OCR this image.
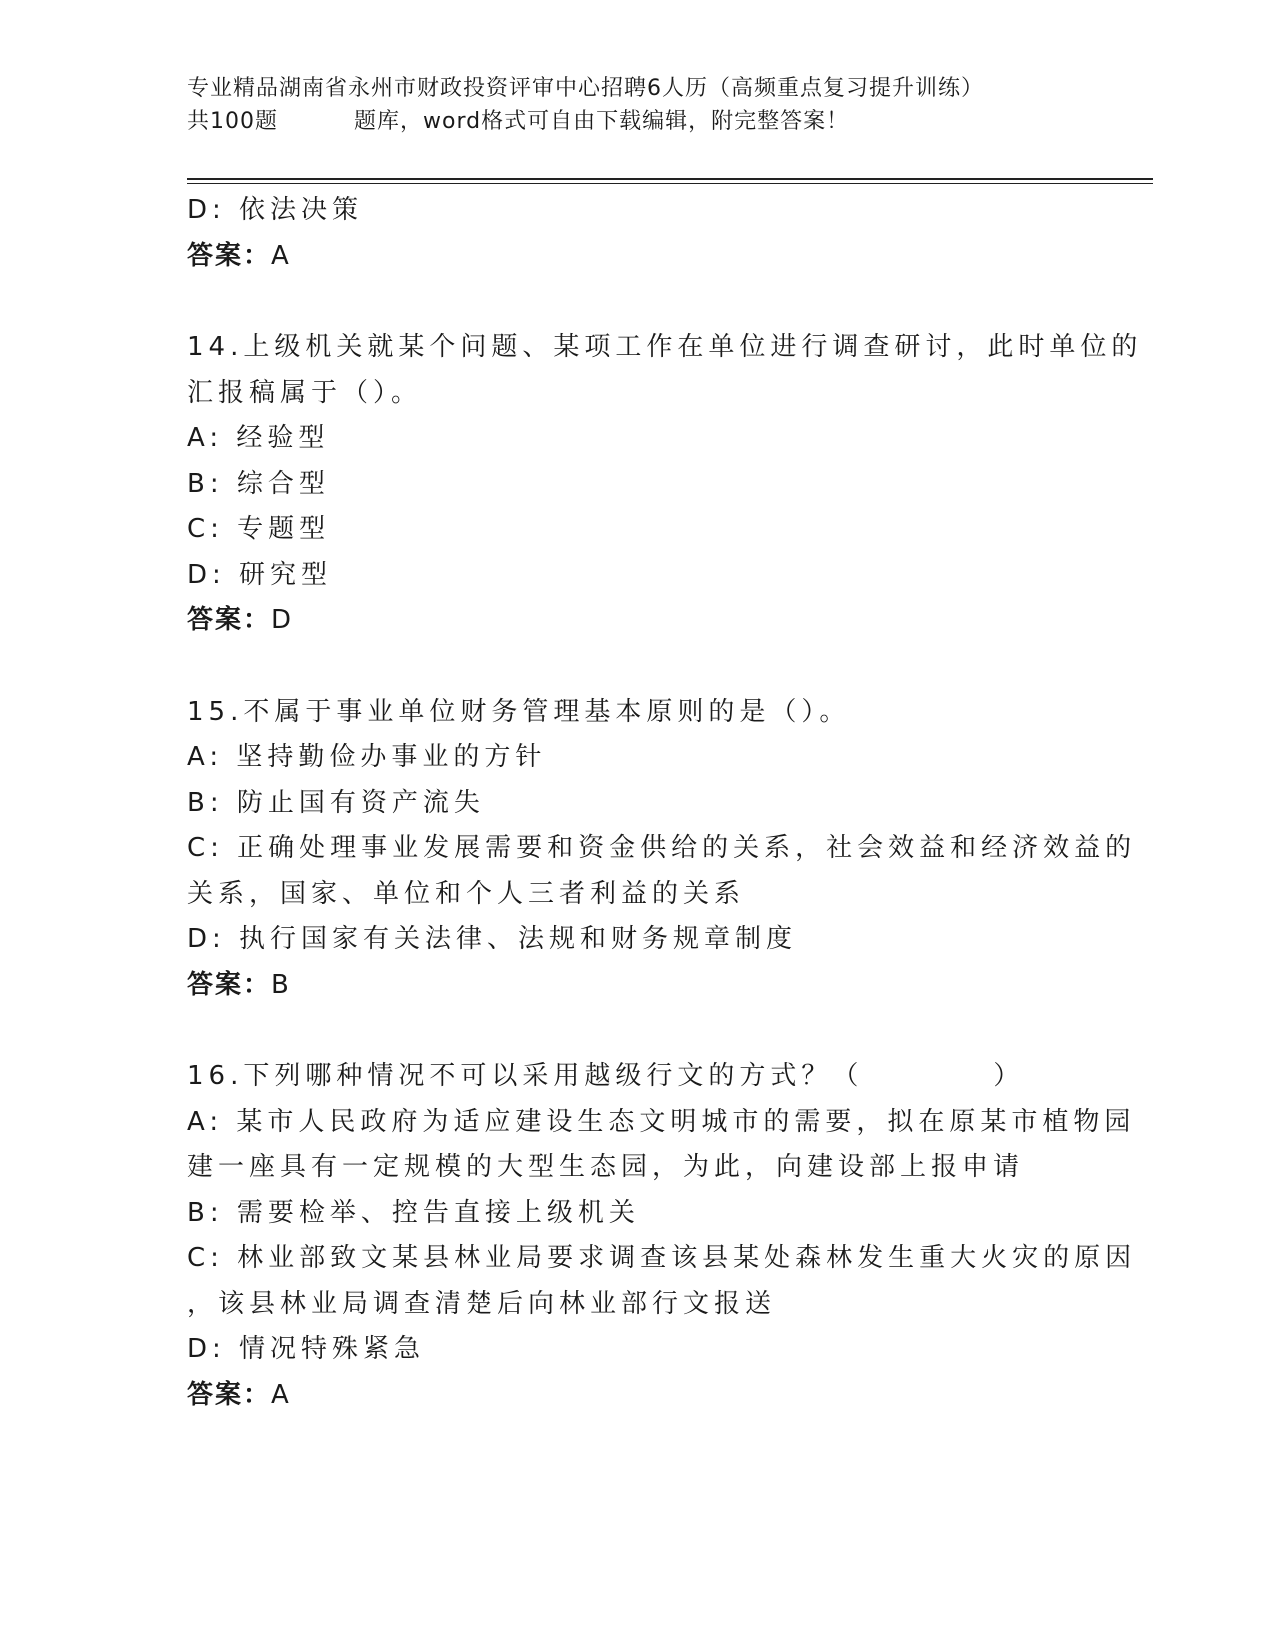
专业精品湖南省永州市财政投资评审中心招聘6人历（高频重点复习提升训练）
共100题	题库，word格式可自由下载编辑，附完整答案！
D: 依法决策
答案：A
14.上级机关就某个问题、某项工作在单位进行调查研讨，此时单位的
汇报稿属于（）。
A: 经验型
B: 综合型
C: 专题型
D: 研究型
答案：D
15.不属于事业单位财务管理基本原则的是（）。
A: 坚持勤俭办事业的方针
B: 防止国有资产流失
C: 正确处理事业发展需要和资金供给的关系，社会效益和经济效益的
关系，国家、单位和个人三者利益的关系
D: 执行国家有关法律、法规和财务规章制度
答案：B
16.下列哪种情况不可以采用越级行文的方式？（	）
A: 某市人民政府为适应建设生态文明城市的需要，拟在原某市植物园
建一座具有一定规模的大型生态园，为此，向建设部上报申请
B: 需要检举、控告直接上级机关
C: 林业部致文某县林业局要求调查该县某处森林发生重大火灾的原因
，该县林业局调查清楚后向林业部行文报送
D: 情况特殊紧急
答案：A
